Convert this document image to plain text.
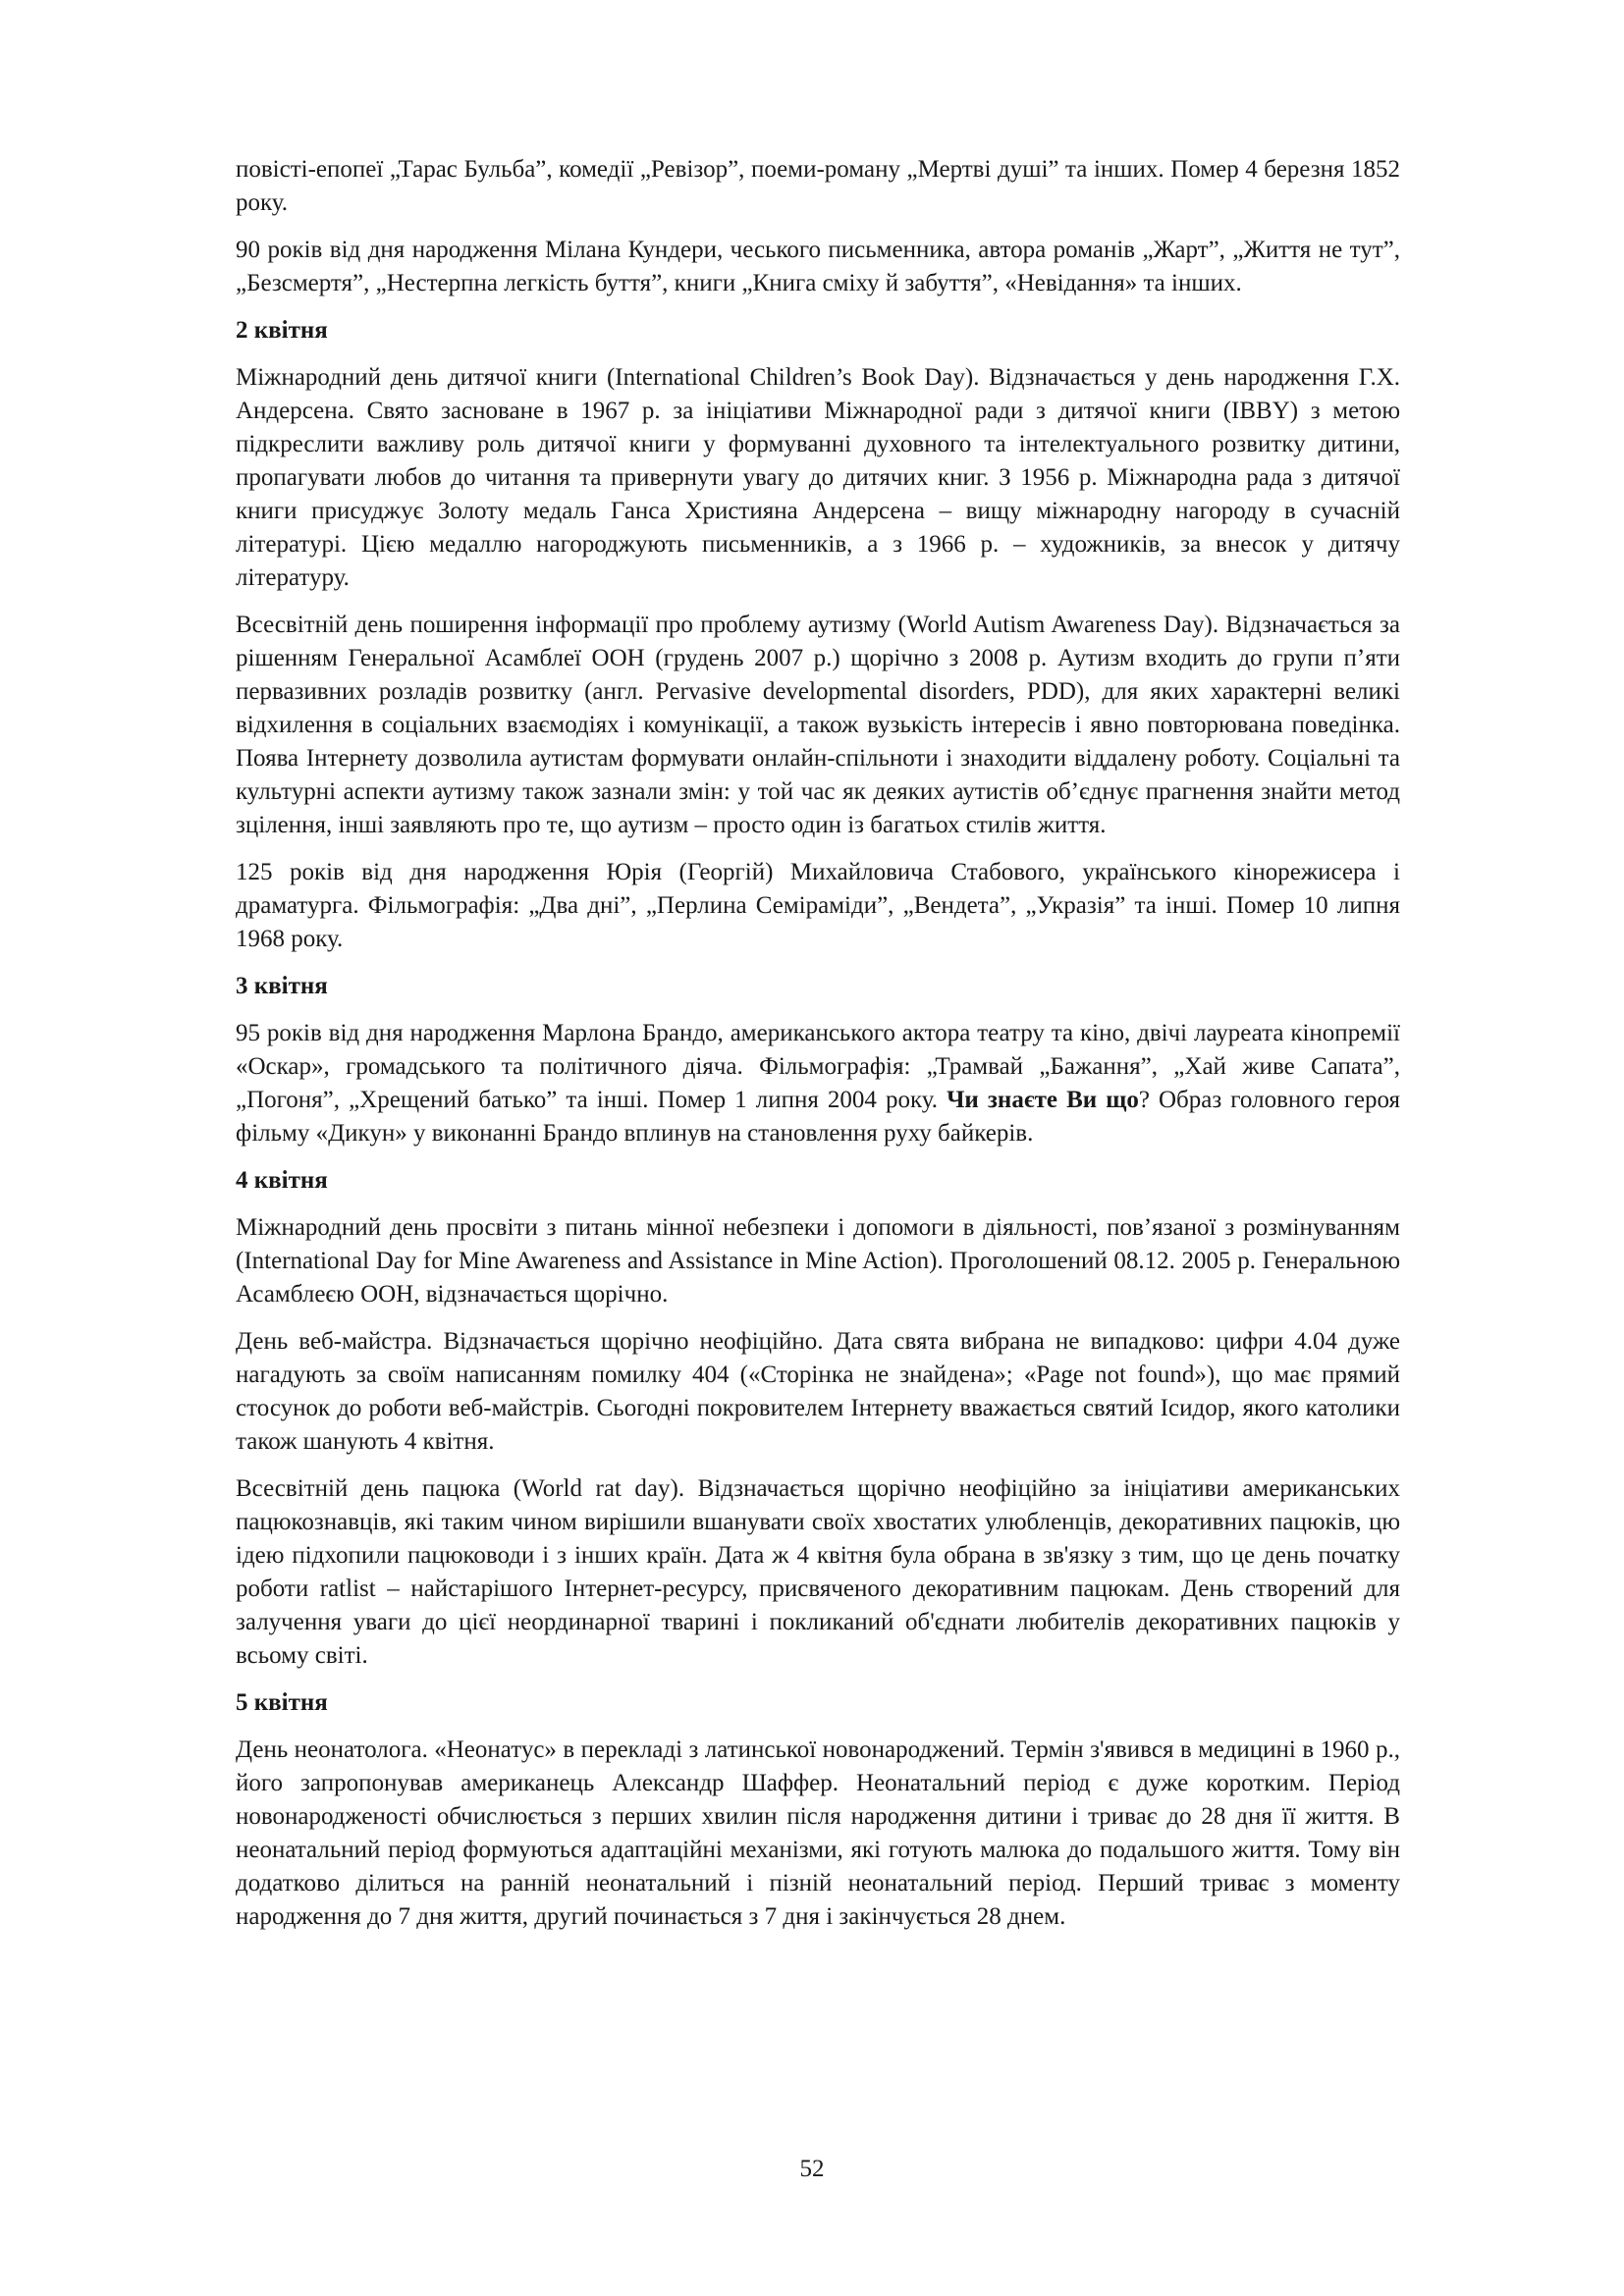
повісті-епопеї „Тарас Бульба”, комедії „Ревізор”, поеми-роману „Мертві душі” та інших. Помер 4 березня 1852 року.

90 років від дня народження Мілана Кундери, чеського письменника, автора романів „Жарт”, „Життя не тут”, „Безсмертя”, „Нестерпна легкість буття”, книги „Книга сміху й забуття”, «Невідання» та інших.

2 квітня

Міжнародний день дитячої книги (International Children’s Book Day). Відзначається у день народження Г.Х. Андерсена. Свято засноване в 1967 р. за ініціативи Міжнародної ради з дитячої книги (IBBY) з метою підкреслити важливу роль дитячої книги у формуванні духовного та інтелектуального розвитку дитини, пропагувати любов до читання та привернути увагу до дитячих книг. З 1956 р. Міжнародна рада з дитячої книги присуджує Золоту медаль Ганса Християна Андерсена – вищу міжнародну нагороду в сучасній літературі. Цією медаллю нагороджують письменників, а з 1966 р. – художників, за внесок у дитячу літературу.

Всесвітній день поширення інформації про проблему аутизму (World Autism Awareness Day). Відзначається за рішенням Генеральної Асамблеї ООН (грудень 2007 р.) щорічно з 2008 р. Аутизм входить до групи п’яти первазивних розладів розвитку (англ. Pervasive developmental disorders, PDD), для яких характерні великі відхилення в соціальних взаємодіях і комунікації, а також вузькість інтересів і явно повторювана поведінка. Поява Інтернету дозволила аутистам формувати онлайн-спільноти і знаходити віддалену роботу. Соціальні та культурні аспекти аутизму також зазнали змін: у той час як деяких аутистів об’єднує прагнення знайти метод зцілення, інші заявляють про те, що аутизм – просто один із багатьох стилів життя.

125 років від дня народження Юрія (Георгій) Михайловича Стабового, українського кінорежисера і драматурга. Фільмографія: „Два дні”, „Перлина Семіраміди”, „Вендета”, „Укразія” та інші. Помер 10 липня 1968 року.

3 квітня

95 років від дня народження Марлона Брандо, американського актора театру та кіно, двічі лауреата кінопремії «Оскар», громадського та політичного діяча. Фільмографія: „Трамвай „Бажання”, „Хай живе Сапата”, „Погоня”, „Хрещений батько” та інші. Помер 1 липня 2004 року. Чи знаєте Ви що? Образ головного героя фільму «Дикун» у виконанні Брандо вплинув на становлення руху байкерів.

4 квітня

Міжнародний день просвіти з питань мінної небезпеки і допомоги в діяльності, пов’язаної з розмінуванням (International Day for Mine Awareness and Assistance in Mine Action). Проголошений 08.12. 2005 р. Генеральною Асамблеєю ООН, відзначається щорічно.

День веб-майстра. Відзначається щорічно неофіційно. Дата свята вибрана не випадково: цифри 4.04 дуже нагадують за своїм написанням помилку 404 («Сторінка не знайдена»; «Page not found»), що має прямий стосунок до роботи веб-майстрів. Сьогодні покровителем Інтернету вважається святий Ісидор, якого католики також шанують 4 квітня.

Всесвітній день пацюка (World rat day). Відзначається щорічно неофіційно за ініціативи американських пацюкознавців, які таким чином вирішили вшанувати своїх хвостатих улюбленців, декоративних пацюків, цю ідею підхопили пацюководи і з інших країн. Дата ж 4 квітня була обрана в зв'язку з тим, що це день початку роботи ratlist – найстарішого Інтернет-ресурсу, присвяченого декоративним пацюкам. День створений для залучення уваги до цієї неординарної тварині і покликаний об'єднати любителів декоративних пацюків у всьому світі.

5 квітня

День неонатолога. «Неонатус» в перекладі з латинської новонароджений. Термін з'явився в медицині в 1960 р., його запропонував американець Александр Шаффер. Неонатальний період є дуже коротким. Період новонародженості обчислюється з перших хвилин після народження дитини і триває до 28 дня її життя. В неонатальний період формуються адаптаційні механізми, які готують малюка до подальшого життя. Тому він додатково ділиться на ранній неонатальний і пізній неонатальний період. Перший триває з моменту народження до 7 дня життя, другий починається з 7 дня і закінчується 28 днем.

52
